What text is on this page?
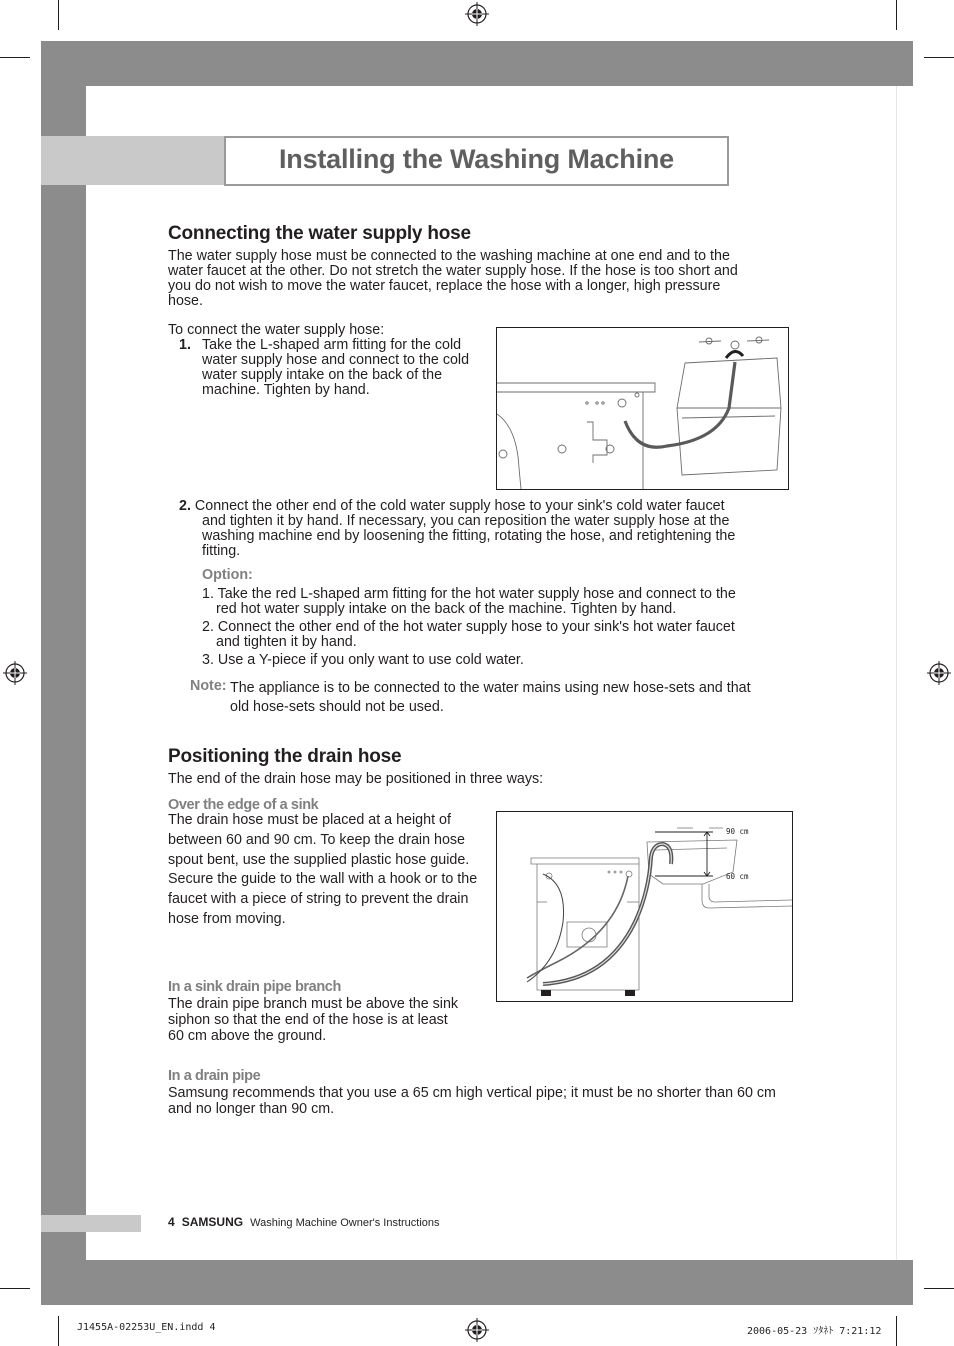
Installing the Washing Machine
Connecting the water supply hose
The water supply hose must be connected to the washing machine at one end and to the
water faucet at the other. Do not stretch the water supply hose. If the hose is too short and
you do not wish to move the water faucet, replace the hose with a longer, high pressure
hose.
To connect the water supply hose:
1. Take the L-shaped arm fitting for the cold
water supply hose and connect to the cold
water supply intake on the back of the
machine. Tighten by hand.
2. Connect the other end of the cold water supply hose to your sink's cold water faucet
and tighten it by hand. If necessary, you can reposition the water supply hose at the
washing machine end by loosening the fitting, rotating the hose, and retightening the
fitting.
Option:
1. Take the red L-shaped arm fitting for the hot water supply hose and connect to the
red hot water supply intake on the back of the machine. Tighten by hand.
2. Connect the other end of the hot water supply hose to your sink's hot water faucet
and tighten it by hand.
3. Use a Y-piece if you only want to use cold water.
Note: The appliance is to be connected to the water mains using new hose-sets and that
old hose-sets should not be used.
Positioning the drain hose
The end of the drain hose may be positioned in three ways:
Over the edge of a sink
The drain hose must be placed at a height of
between 60 and 90 cm. To keep the drain hose
spout bent, use the supplied plastic hose guide.
Secure the guide to the wall with a hook or to the
faucet with a piece of string to prevent the drain
hose from moving.
90 cm
60 cm
In a sink drain pipe branch
The drain pipe branch must be above the sink
siphon so that the end of the hose is at least
60 cm above the ground.
In a drain pipe
Samsung recommends that you use a 65 cm high vertical pipe; it must be no shorter than 60 cm
and no longer than 90 cm.
4 SAMSUNG Washing Machine Owner's Instructions
J1455A-02253U_EN.indd 4	2006-05-23 ｿﾀﾈﾄ 7:21:12
